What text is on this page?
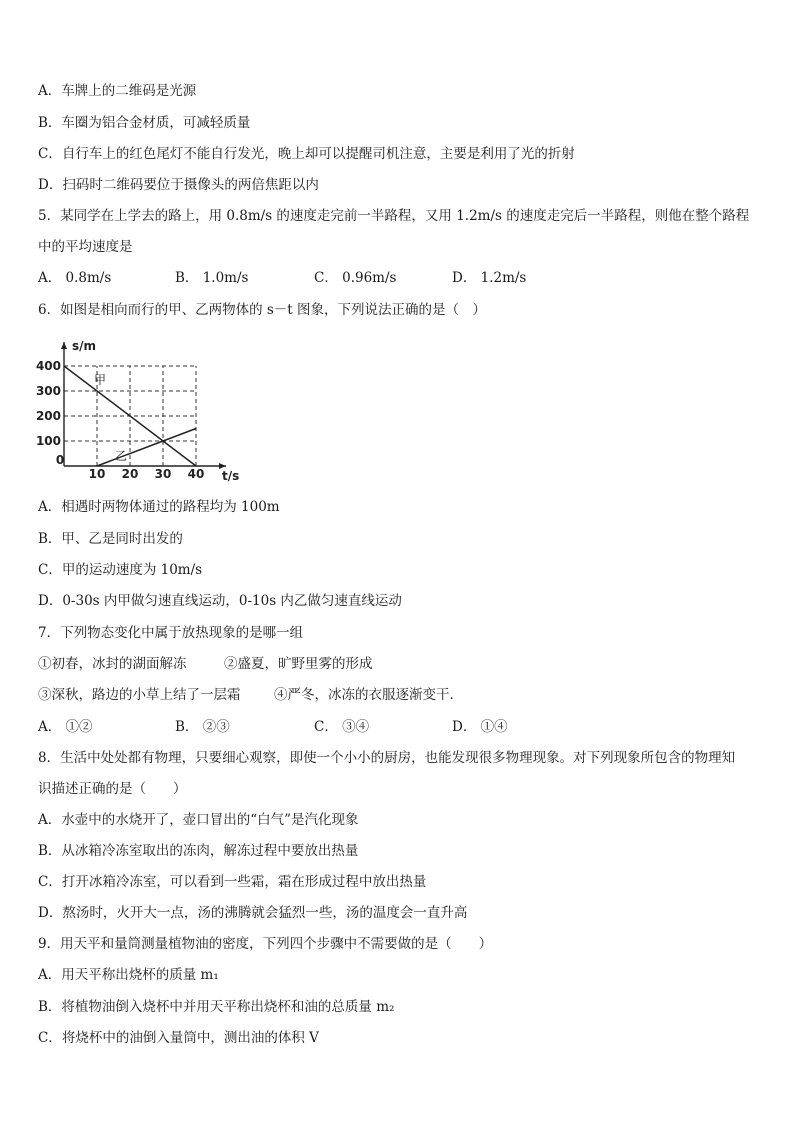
A．车牌上的二维码是光源
B．车圈为铝合金材质，可减轻质量
C．自行车上的红色尾灯不能自行发光，晚上却可以提醒司机注意，主要是利用了光的折射
D．扫码时二维码要位于摄像头的两倍焦距以内
5．某同学在上学去的路上，用 0.8m/s 的速度走完前一半路程，又用 1.2m/s 的速度走完后一半路程，则他在整个路程
中的平均速度是
A． 0.8m/s	B． 1.0m/s	C． 0.96m/s	D． 1.2m/s
6．如图是相向而行的甲、乙两物体的 s－t 图象，下列说法正确的是（　）
s/m
t/s
0
10 20 30 40
100
200
300
400
甲
乙
A．相遇时两物体通过的路程均为 100m
B．甲、乙是同时出发的
C．甲的运动速度为 10m/s
D．0-30s 内甲做匀速直线运动，0-10s 内乙做匀速直线运动
7．下列物态变化中属于放热现象的是哪一组
①初春，冰封的湖面解冻	②盛夏，旷野里雾的形成
③深秋，路边的小草上结了一层霜 ④严冬，冰冻的衣服逐渐变干．
A． ①②	B． ②③	C． ③④	D． ①④
8．生活中处处都有物理，只要细心观察，即使一个小小的厨房，也能发现很多物理现象。对下列现象所包含的物理知
识描述正确的是（　　）
A．水壶中的水烧开了，壶口冒出的“白气”是汽化现象
B．从冰箱冷冻室取出的冻肉，解冻过程中要放出热量
C．打开冰箱冷冻室，可以看到一些霜，霜在形成过程中放出热量
D．熬汤时，火开大一点，汤的沸腾就会猛烈一些，汤的温度会一直升高
9．用天平和量筒测量植物油的密度，下列四个步骤中不需要做的是（　　）
A．用天平称出烧杯的质量 m₁
B．将植物油倒入烧杯中并用天平称出烧杯和油的总质量 m₂
C．将烧杯中的油倒入量筒中，测出油的体积 V
